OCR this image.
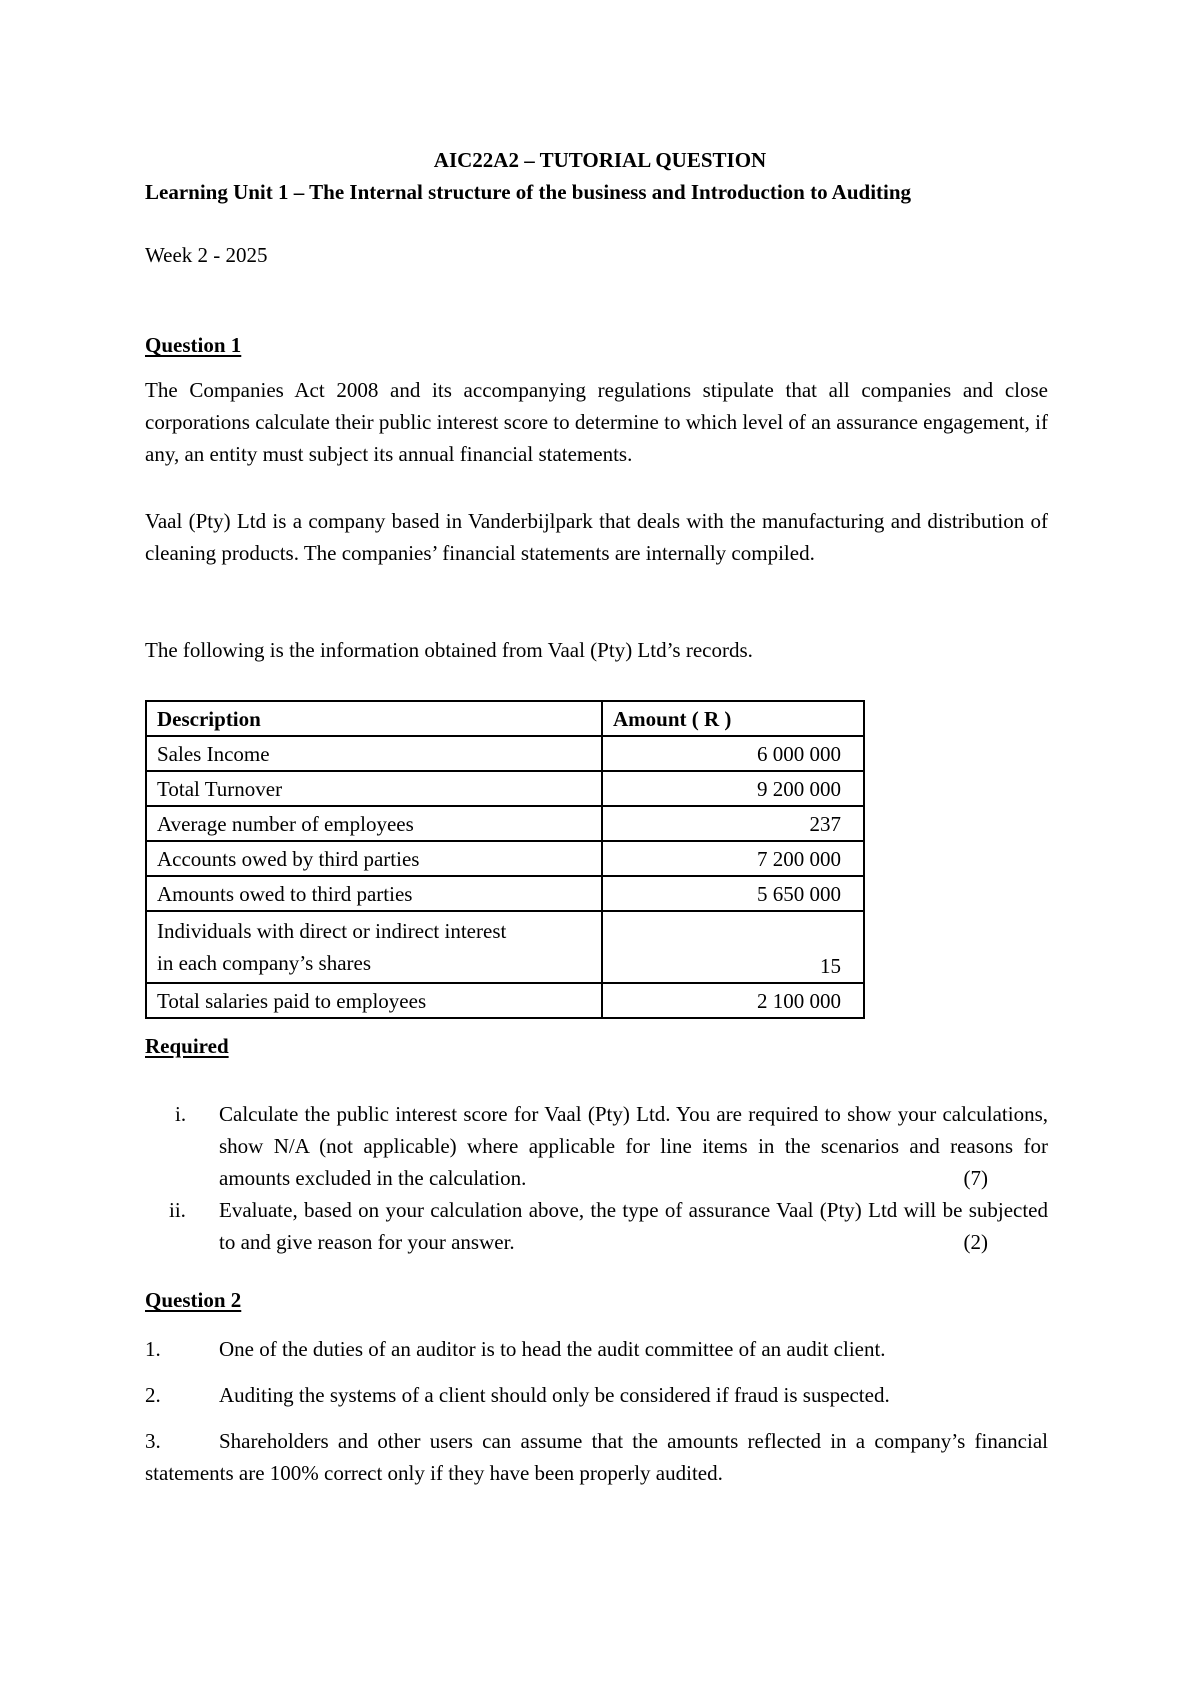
AIC22A2 – TUTORIAL QUESTION
Learning Unit 1 – The Internal structure of the business and Introduction to Auditing
Week 2 - 2025
Question 1
The Companies Act 2008 and its accompanying regulations stipulate that all companies and close corporations calculate their public interest score to determine to which level of an assurance engagement, if any, an entity must subject its annual financial statements.
Vaal (Pty) Ltd is a company based in Vanderbijlpark that deals with the manufacturing and distribution of cleaning products. The companies’ financial statements are internally compiled.
The following is the information obtained from Vaal (Pty) Ltd’s records.
Description	Amount ( R )
Sales Income	6 000 000
Total Turnover	9 200 000
Average number of employees	237
Accounts owed by third parties	7 200 000
Amounts owed to third parties	5 650 000

Individuals with direct or indirect interest
in each company’s shares	15
Total salaries paid to employees	2 100 000
Required
i.	Calculate the public interest score for Vaal (Pty) Ltd. You are required to show your calculations, show N/A (not applicable) where applicable for line items in the scenarios and reasons for amounts excluded in the calculation.	(7)
ii.	Evaluate, based on your calculation above, the type of assurance Vaal (Pty) Ltd will be subjected to and give reason for your answer.	(2)
Question 2
1.	One of the duties of an auditor is to head the audit committee of an audit client.
2.	Auditing the systems of a client should only be considered if fraud is suspected.
3.	Shareholders and other users can assume that the amounts reflected in a company’s financial statements are 100% correct only if they have been properly audited.
